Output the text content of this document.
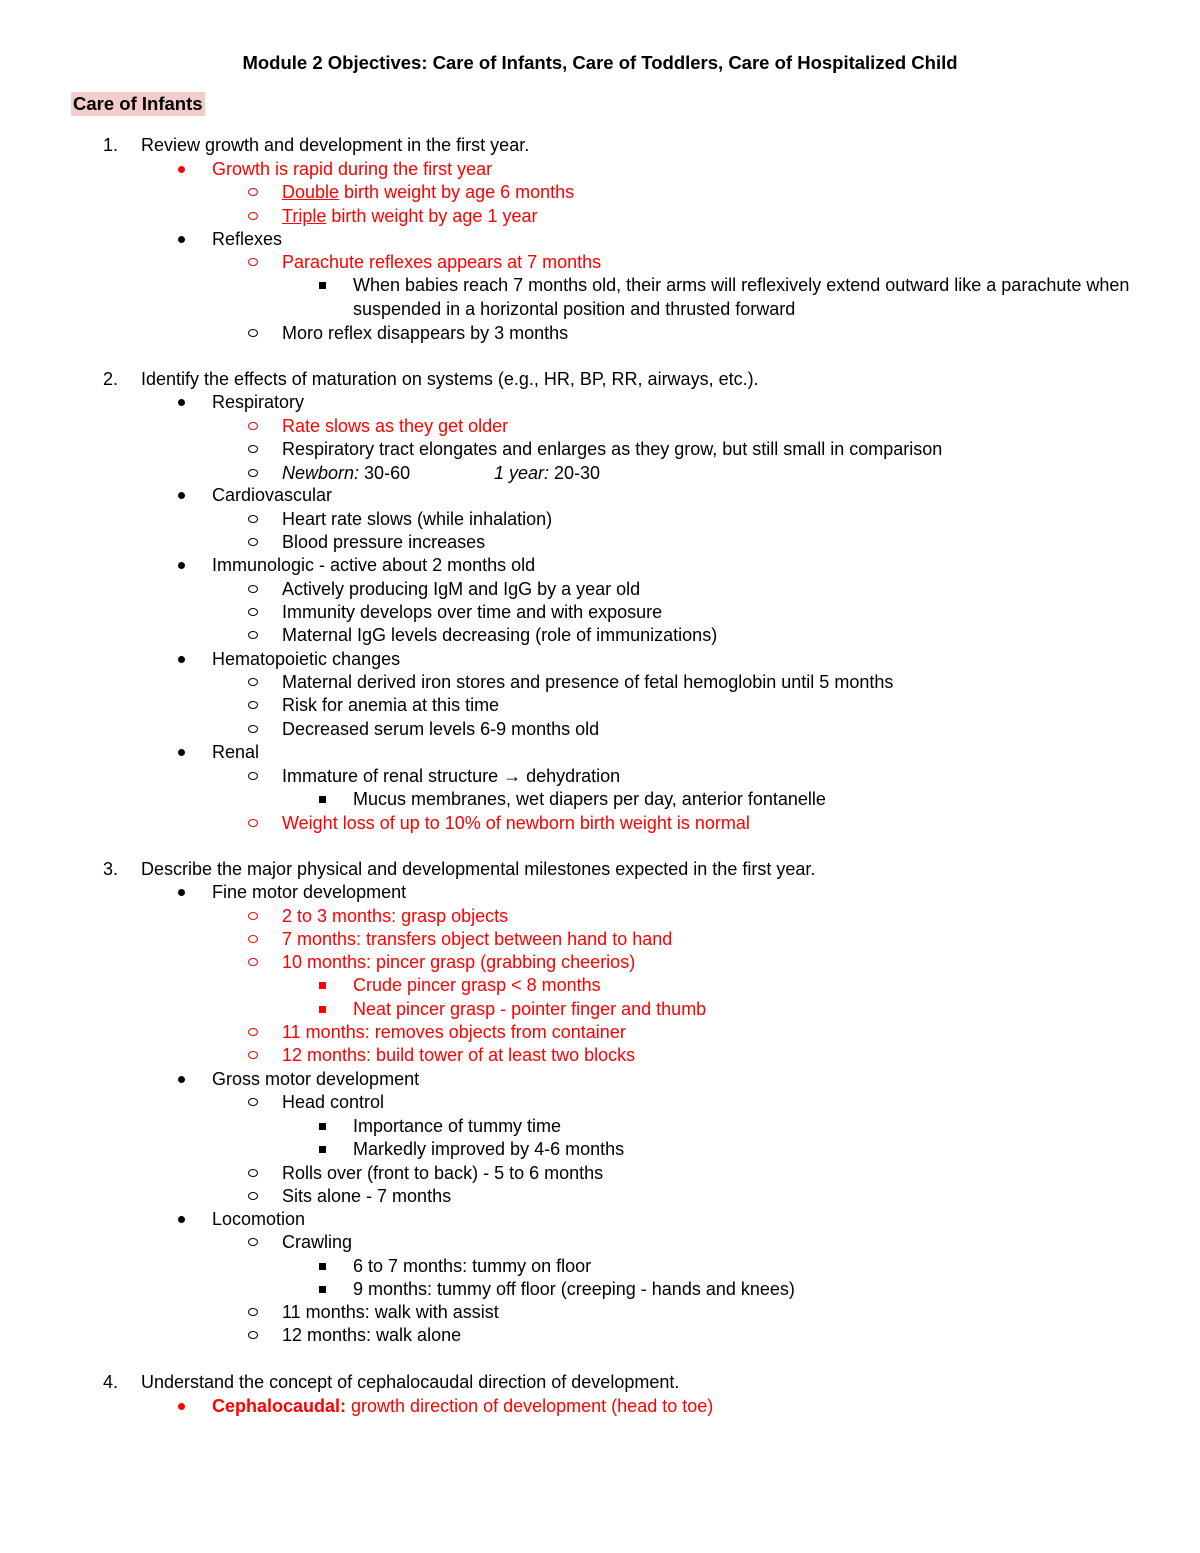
Module 2 Objectives: Care of Infants, Care of Toddlers, Care of Hospitalized Child
Care of Infants
1.	Review growth and development in the first year.
Growth is rapid during the first year
Double birth weight by age 6 months
Triple birth weight by age 1 year
Reflexes
Parachute reflexes appears at 7 months
When babies reach 7 months old, their arms will reflexively extend outward like a parachute when
suspended in a horizontal position and thrusted forward
Moro reflex disappears by 3 months
2.	Identify the effects of maturation on systems (e.g., HR, BP, RR, airways, etc.).
Respiratory
Rate slows as they get older
Respiratory tract elongates and enlarges as they grow, but still small in comparison
Newborn: 30-60	1 year: 20-30
Cardiovascular
Heart rate slows (while inhalation)
Blood pressure increases
Immunologic - active about 2 months old
Actively producing IgM and IgG by a year old
Immunity develops over time and with exposure
Maternal IgG levels decreasing (role of immunizations)
Hematopoietic changes
Maternal derived iron stores and presence of fetal hemoglobin until 5 months
Risk for anemia at this time
Decreased serum levels 6-9 months old
Renal
Immature of renal structure → dehydration
Mucus membranes, wet diapers per day, anterior fontanelle
Weight loss of up to 10% of newborn birth weight is normal
3.	Describe the major physical and developmental milestones expected in the first year.
Fine motor development
2 to 3 months: grasp objects
7 months: transfers object between hand to hand
10 months: pincer grasp (grabbing cheerios)
Crude pincer grasp < 8 months
Neat pincer grasp - pointer finger and thumb
11 months: removes objects from container
12 months: build tower of at least two blocks
Gross motor development
Head control
Importance of tummy time
Markedly improved by 4-6 months
Rolls over (front to back) - 5 to 6 months
Sits alone - 7 months
Locomotion
Crawling
6 to 7 months: tummy on floor
9 months: tummy off floor (creeping - hands and knees)
11 months: walk with assist
12 months: walk alone
4.	Understand the concept of cephalocaudal direction of development.
Cephalocaudal: growth direction of development (head to toe)
